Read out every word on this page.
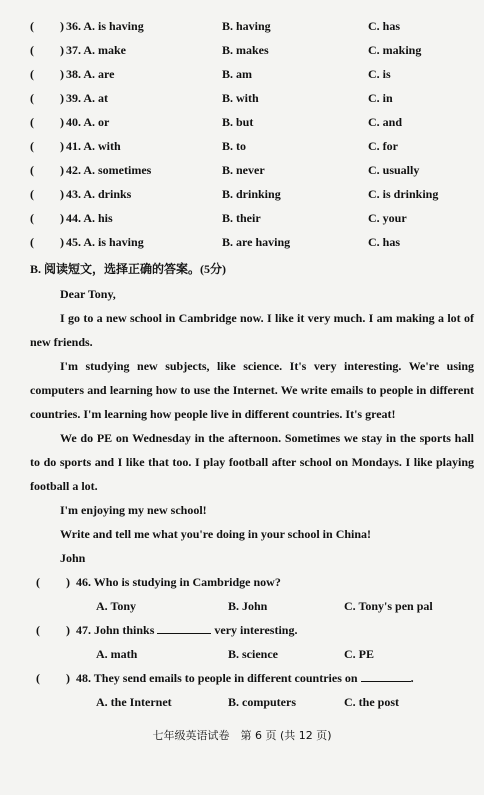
( ) 36. A. is having	B. having	C. has
( ) 37. A. make	B. makes	C. making
( ) 38. A. are	B. am	C. is
( ) 39. A. at	B. with	C. in
( ) 40. A. or	B. but	C. and
( ) 41. A. with	B. to	C. for
( ) 42. A. sometimes	B. never	C. usually
( ) 43. A. drinks	B. drinking	C. is drinking
( ) 44. A. his	B. their	C. your
( ) 45. A. is having	B. are having	C. has
B. 阅读短文，选择正确的答案。(5分)
Dear Tony,
I go to a new school in Cambridge now. I like it very much. I am making a lot of new friends.
I'm studying new subjects, like science. It's very interesting. We're using computers and learning how to use the Internet. We write emails to people in different countries. I'm learning how people live in different countries. It's great!
We do PE on Wednesday in the afternoon. Sometimes we stay in the sports hall to do sports and I like that too. I play football after school on Mondays. I like playing football a lot.
I'm enjoying my new school!
Write and tell me what you're doing in your school in China!
John
( ) 46. Who is studying in Cambridge now?
A. Tony	B. John	C. Tony's pen pal
( ) 47. John thinks	very interesting.
A. math	B. science	C. PE
( ) 48. They send emails to people in different countries on	.
A. the Internet	B. computers	C. the post
七年级英语试卷　第 6 页 (共 12 页)
